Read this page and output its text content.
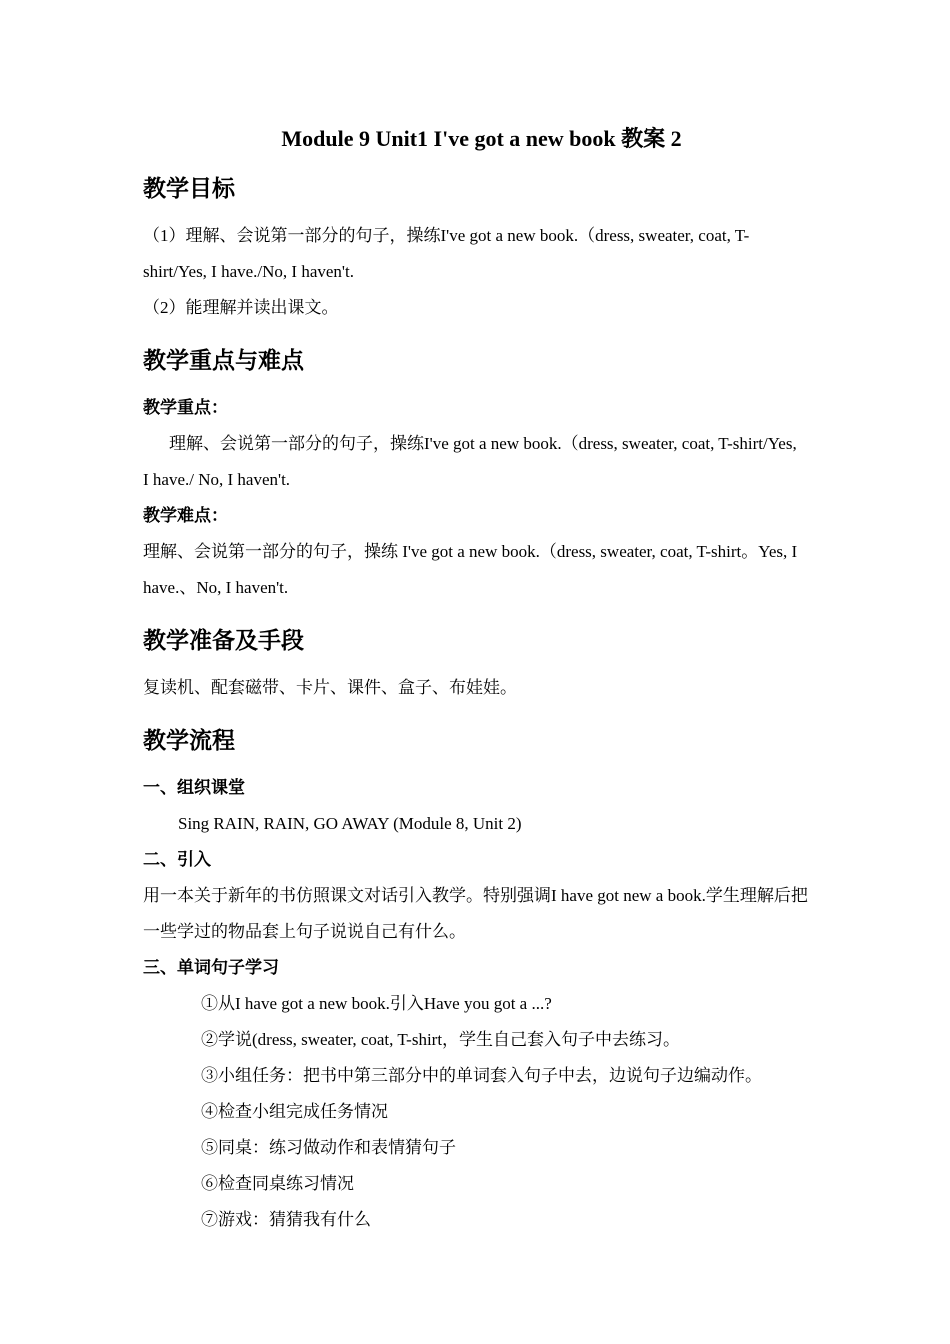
Module 9 Unit1 I've got a new book 教案 2
教学目标
（1）理解、会说第一部分的句子，操练I've got a new book.（dress, sweater, coat, T-
shirt/Yes, I have./No, I haven't.
（2）能理解并读出课文。
教学重点与难点
教学重点：
理解、会说第一部分的句子，操练I've got a new book.（dress, sweater, coat, T-shirt/Yes,
I have./ No, I haven't.
教学难点：
理解、会说第一部分的句子，操练 I've got a new book.（dress, sweater, coat, T-shirt。Yes, I
have.、No, I haven't.
教学准备及手段
复读机、配套磁带、卡片、课件、盒子、布娃娃。
教学流程
一、组织课堂
Sing RAIN, RAIN, GO AWAY (Module 8, Unit 2)
二、引入
用一本关于新年的书仿照课文对话引入教学。特别强调I have got new a book.学生理解后把
一些学过的物品套上句子说说自己有什么。
三、单词句子学习
①从I have got a new book.引入Have you got a ...?
②学说(dress, sweater, coat, T-shirt，学生自己套入句子中去练习。
③小组任务：把书中第三部分中的单词套入句子中去，边说句子边编动作。
④检查小组完成任务情况
⑤同桌：练习做动作和表情猜句子
⑥检查同桌练习情况
⑦游戏：猜猜我有什么
